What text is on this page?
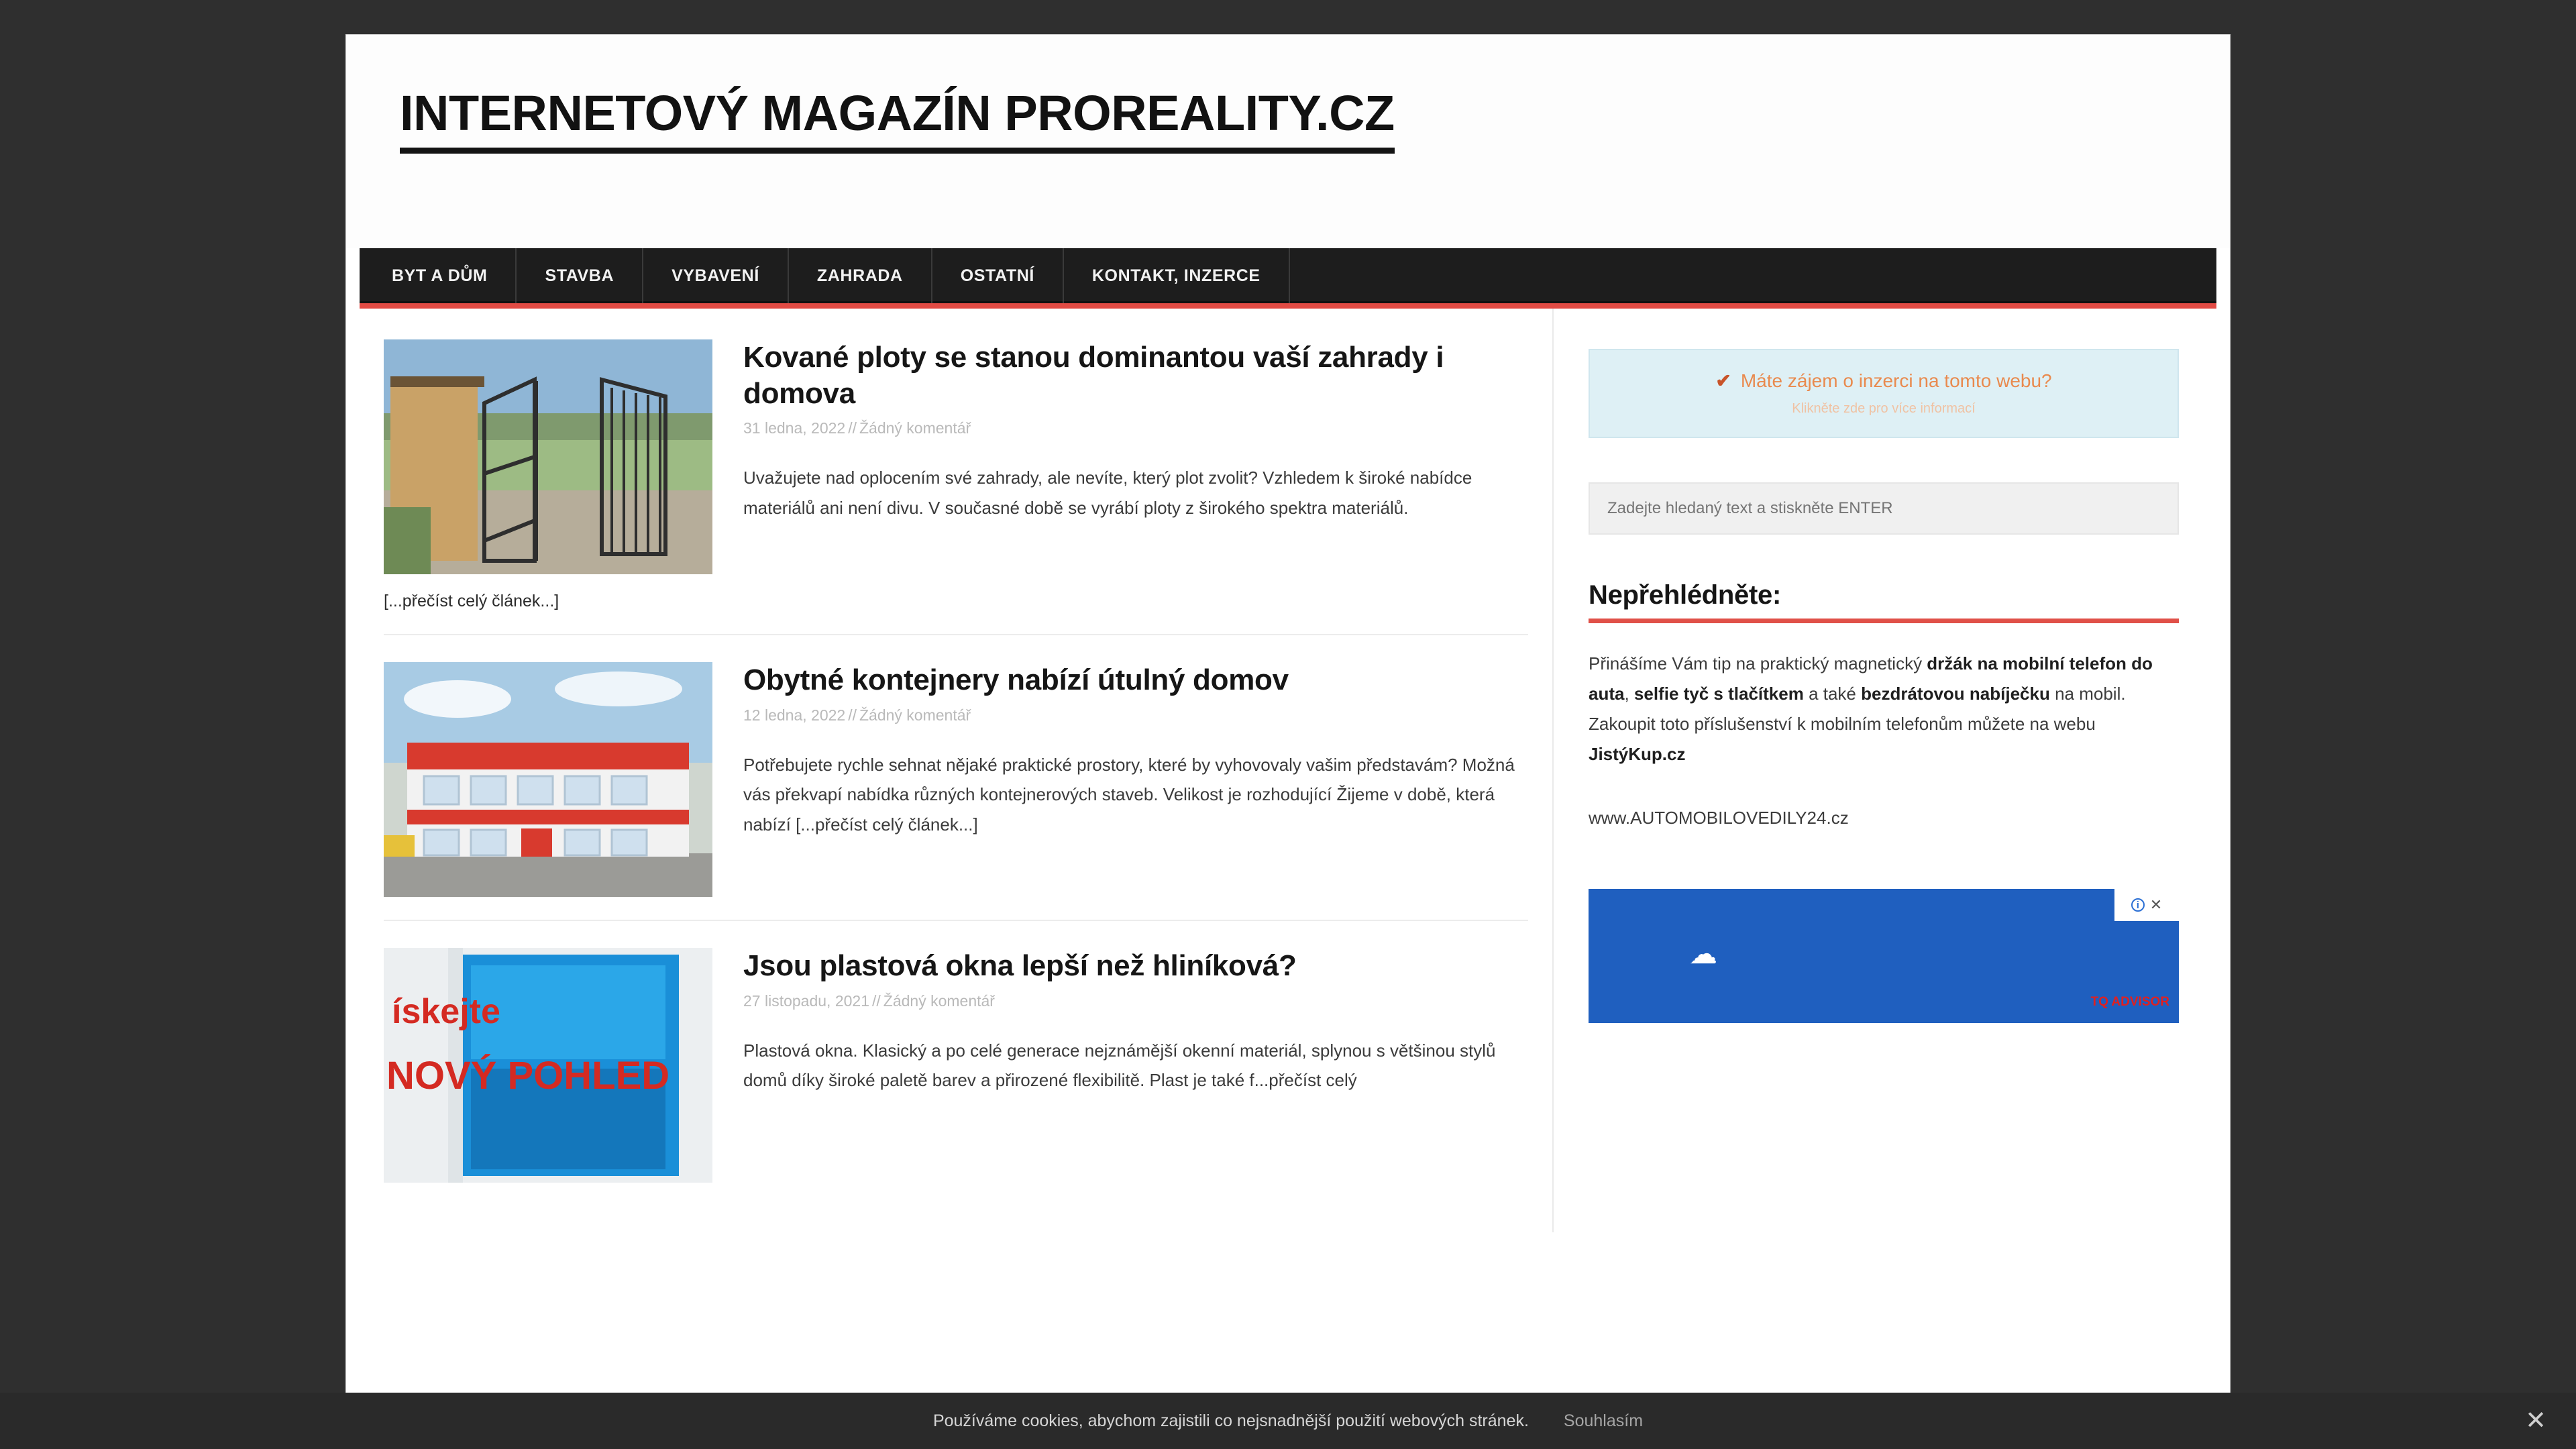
INTERNETOVÝ MAGAZÍN PROREALITY.CZ
BYT A DŮM	STAVBA	VYBAVENÍ	ZAHRADA	OSTATNÍ	KONTAKT, INZERCE
[...přečíst celý článek...]
Kované ploty se stanou dominantou vaší zahrady i domova
31 ledna, 2022 // Žádný komentář

Uvažujete nad oplocením své zahrady, ale nevíte, který plot zvolit? Vzhledem k široké nabídce materiálů ani není divu. V současné době se vyrábí ploty z širokého spektra materiálů.

Obytné kontejnery nabízí útulný domov
12 ledna, 2022 // Žádný komentář

Potřebujete rychle sehnat nějaké praktické prostory, které by vyhovovaly vašim představám? Možná vás překvapí nabídka různých kontejnerových staveb. Velikost je rozhodující Žijeme v době, která nabízí [...přečíst celý článek...]

ískejte
NOVÝ POHLED
Jsou plastová okna lepší než hliníková?
27 listopadu, 2021 // Žádný komentář

Plastová okna. Klasický a po celé generace nejznámější okenní materiál, splynou s většinou stylů domů díky široké paletě barev a přirozené flexibilitě. Plast je také f...přečíst celý

✔ Máte zájem o inzerci na tomto webu?
Klikněte zde pro více informací
Zadejte hledaný text a stiskněte ENTER
Nepřehlédněte:

Přinášíme Vám tip na praktický magnetický držák na mobilní telefon do auta, selfie tyč s tlačítkem a také bezdrátovou nabíječku na mobil. Zakoupit toto příslušenství k mobilním telefonům můžete na webu JistýKup.cz

www.AUTOMOBILOVEDILY24.cz
☁
i ✕
TQ ADVISOR
Používáme cookies, abychom zajistili co nejsnadnější použití webových stránek. Souhlasím	✕
